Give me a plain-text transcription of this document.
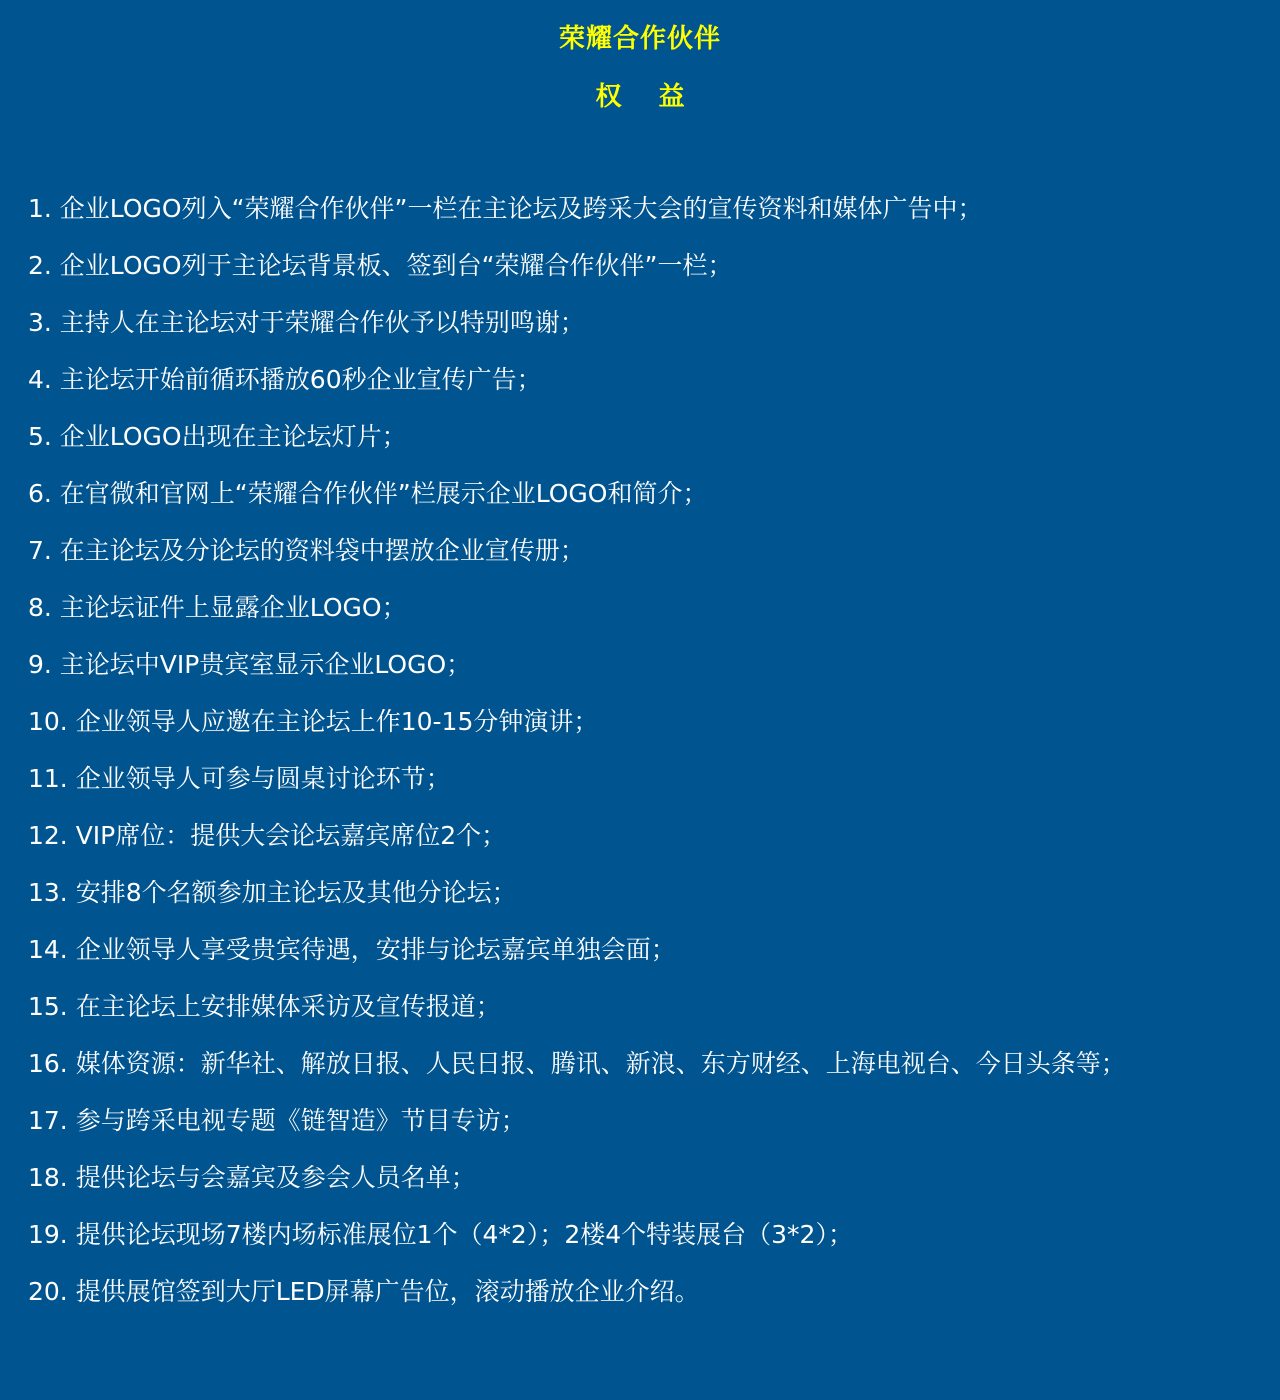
荣耀合作伙伴
权 益
1. 企业LOGO列入“荣耀合作伙伴”一栏在主论坛及跨采大会的宣传资料和媒体广告中；
2. 企业LOGO列于主论坛背景板、签到台“荣耀合作伙伴”一栏；
3. 主持人在主论坛对于荣耀合作伙予以特别鸣谢；
4. 主论坛开始前循环播放60秒企业宣传广告；
5. 企业LOGO出现在主论坛灯片；
6. 在官微和官网上“荣耀合作伙伴”栏展示企业LOGO和简介；
7. 在主论坛及分论坛的资料袋中摆放企业宣传册；
8. 主论坛证件上显露企业LOGO；
9. 主论坛中VIP贵宾室显示企业LOGO；
10. 企业领导人应邀在主论坛上作10-15分钟演讲；
11. 企业领导人可参与圆桌讨论环节；
12. VIP席位：提供大会论坛嘉宾席位2个；
13. 安排8个名额参加主论坛及其他分论坛；
14. 企业领导人享受贵宾待遇，安排与论坛嘉宾单独会面；
15. 在主论坛上安排媒体采访及宣传报道；
16. 媒体资源：新华社、解放日报、人民日报、腾讯、新浪、东方财经、上海电视台、今日头条等；
17. 参与跨采电视专题《链智造》节目专访；
18. 提供论坛与会嘉宾及参会人员名单；
19. 提供论坛现场7楼内场标准展位1个（4*2）；2楼4个特装展台（3*2）；
20. 提供展馆签到大厅LED屏幕广告位，滚动播放企业介绍。
